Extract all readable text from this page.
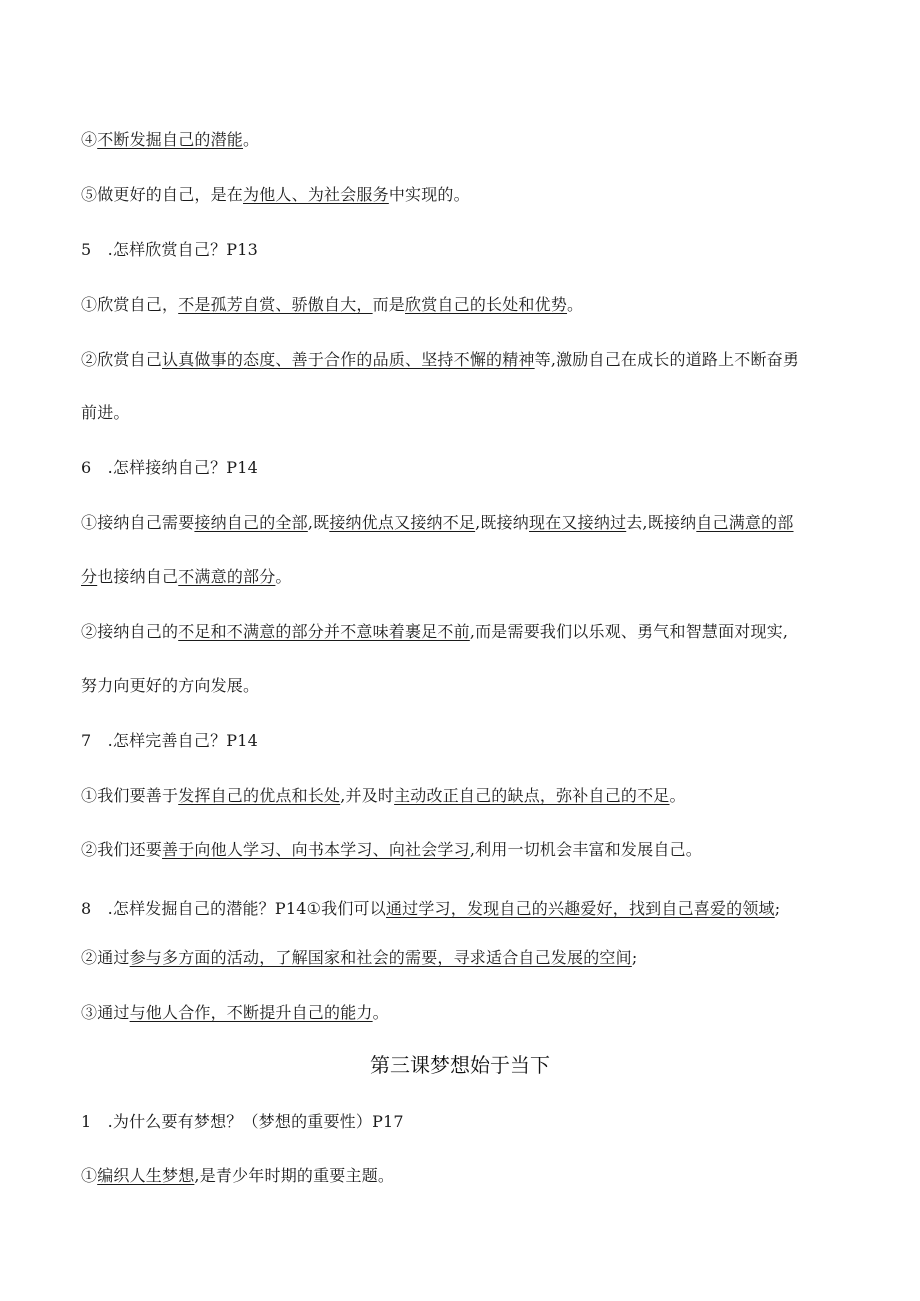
④不断发掘自己的潜能。
⑤做更好的自己，是在为他人、为社会服务中实现的。
5　.怎样欣赏自己？P13
①欣赏自己，不是孤芳自赏、骄傲自大，而是欣赏自己的长处和优势。
②欣赏自己认真做事的态度、善于合作的品质、坚持不懈的精神等,激励自己在成长的道路上不断奋勇
前进。
6　.怎样接纳自己？P14
①接纳自己需要接纳自己的全部,既接纳优点又接纳不足,既接纳现在又接纳过去,既接纳自己满意的部
分也接纳自己不满意的部分。
②接纳自己的不足和不满意的部分并不意味着裹足不前,而是需要我们以乐观、勇气和智慧面对现实,
努力向更好的方向发展。
7　.怎样完善自己？P14
①我们要善于发挥自己的优点和长处,并及时主动改正自己的缺点，弥补自己的不足。
②我们还要善于向他人学习、向书本学习、向社会学习,利用一切机会丰富和发展自己。
8　.怎样发掘自己的潜能？P14①我们可以通过学习，发现自己的兴趣爱好，找到自己喜爱的领域;
②通过参与多方面的活动，了解国家和社会的需要，寻求适合自己发展的空间;
③通过与他人合作，不断提升自己的能力。
第三课梦想始于当下
1　.为什么要有梦想？（梦想的重要性）P17
①编织人生梦想,是青少年时期的重要主题。
